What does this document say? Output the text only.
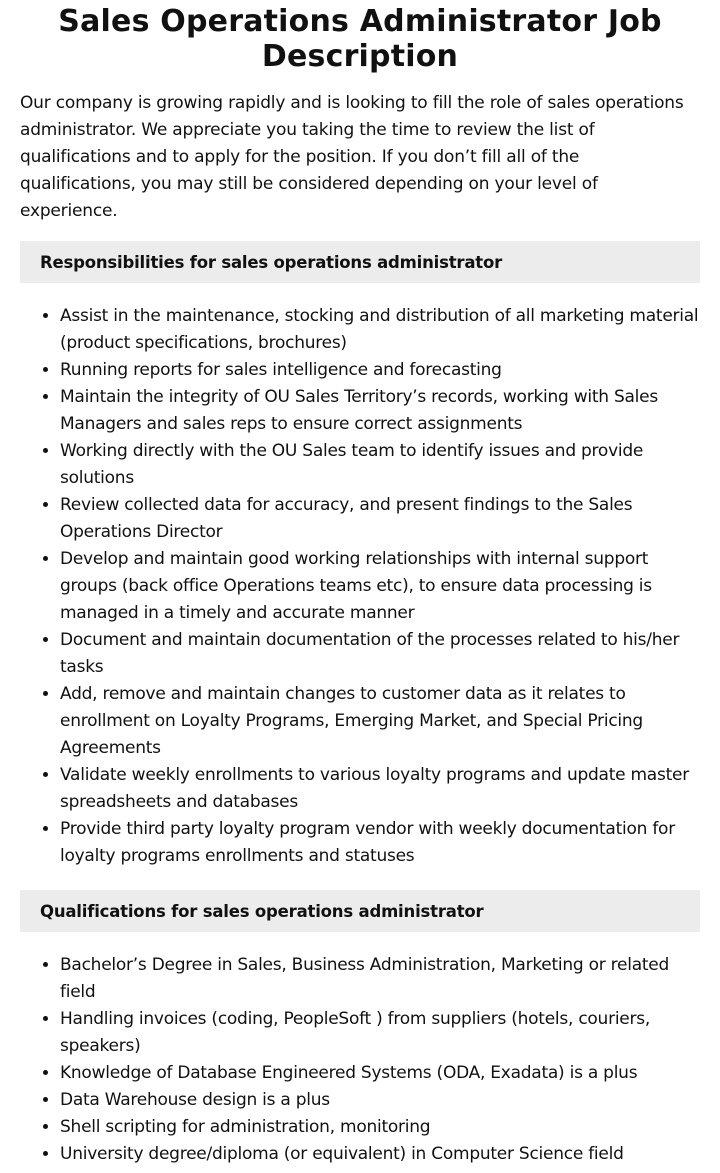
Sales Operations Administrator Job Description

Our company is growing rapidly and is looking to fill the role of sales operations administrator. We appreciate you taking the time to review the list of qualifications and to apply for the position. If you don’t fill all of the qualifications, you may still be considered depending on your level of experience.

Responsibilities for sales operations administrator
• Assist in the maintenance, stocking and distribution of all marketing material (product specifications, brochures)
• Running reports for sales intelligence and forecasting
• Maintain the integrity of OU Sales Territory’s records, working with Sales Managers and sales reps to ensure correct assignments
• Working directly with the OU Sales team to identify issues and provide solutions
• Review collected data for accuracy, and present findings to the Sales Operations Director
• Develop and maintain good working relationships with internal support groups (back office Operations teams etc), to ensure data processing is managed in a timely and accurate manner
• Document and maintain documentation of the processes related to his/her tasks
• Add, remove and maintain changes to customer data as it relates to enrollment on Loyalty Programs, Emerging Market, and Special Pricing Agreements
• Validate weekly enrollments to various loyalty programs and update master spreadsheets and databases
• Provide third party loyalty program vendor with weekly documentation for loyalty programs enrollments and statuses
Qualifications for sales operations administrator
• Bachelor’s Degree in Sales, Business Administration, Marketing or related field
• Handling invoices (coding, PeopleSoft ) from suppliers (hotels, couriers, speakers)
• Knowledge of Database Engineered Systems (ODA, Exadata) is a plus
• Data Warehouse design is a plus
• Shell scripting for administration, monitoring
• University degree/diploma (or equivalent) in Computer Science field
